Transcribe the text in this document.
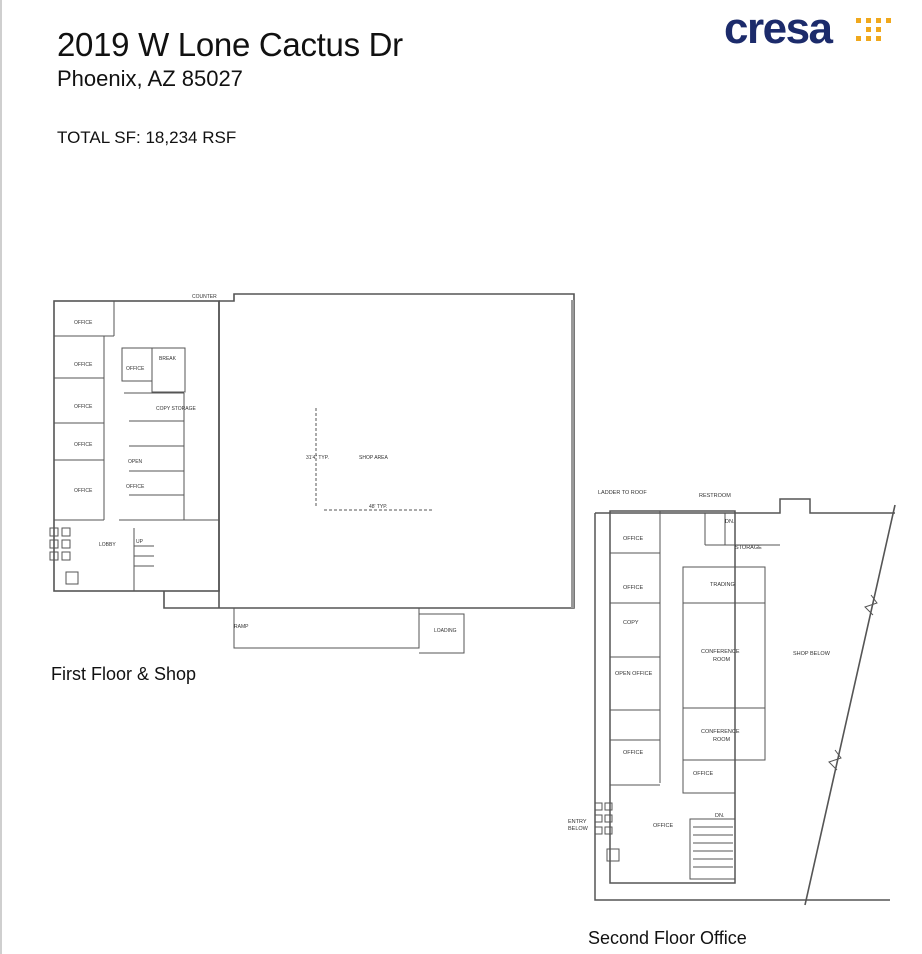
2019 W Lone Cactus Dr
Phoenix, AZ 85027
TOTAL SF: 18,234 RSF
cresa
COUNTER
OFFICE
OFFICE
BREAK
OFFICE
OFFICE	COPY STORAGE
OFFICE
OPEN
OFFICE
OFFICE
LOBBY	UP
SHOP AREA
31'4" TYP.
48' TYP.
RAMP
LOADING
First Floor & Shop
LADDER TO ROOF	RESTROOM
DN.
STORAGE
OFFICE
OFFICE	TRADING
COPY
CONFERENCE
ROOM
OPEN OFFICE
SHOP BELOW
CONFERENCE
ROOM
OFFICE
OFFICE
DN.
OFFICE
ENTRY
BELOW
Second Floor Office
